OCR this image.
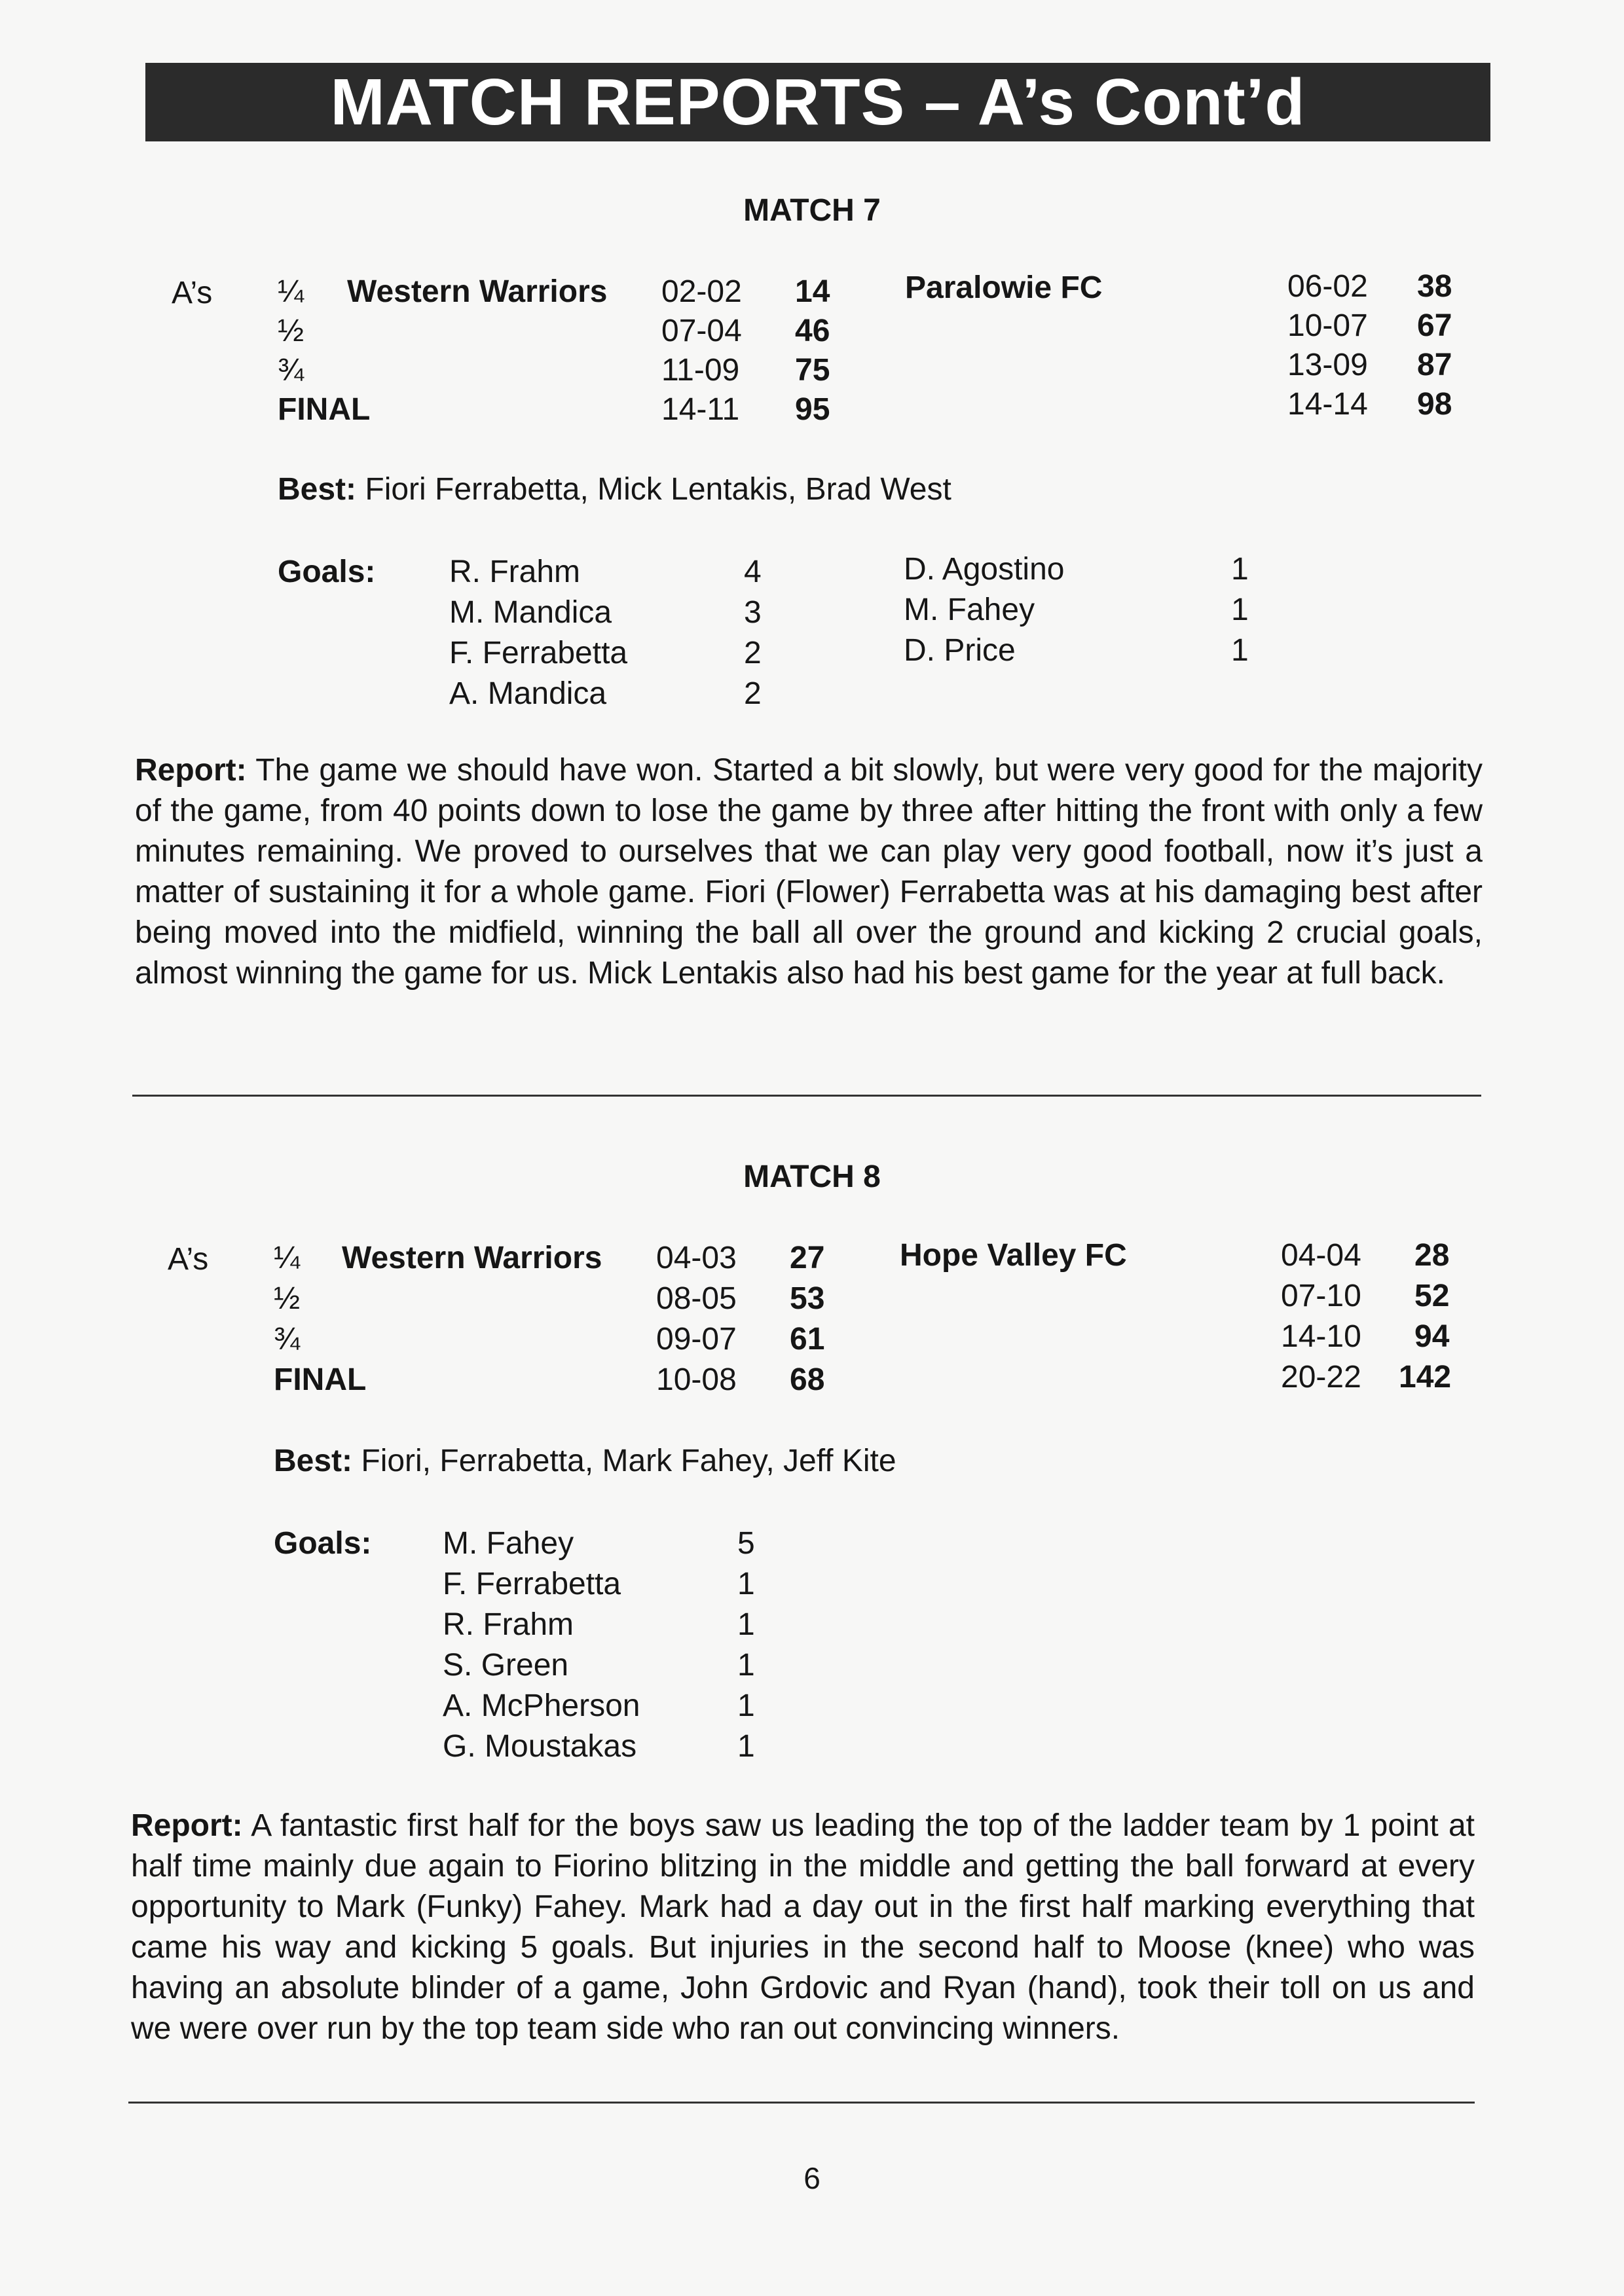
MATCH REPORTS – A’s Cont’d
MATCH 7
A’s	Western Warriors	Paralowie FC
¼	02-02 14	06-02 38
½	07-04 46	10-07 67
¾	11-09 75	13-09 87
FINAL	14-11 95	14-14 98
Best: Fiori Ferrabetta, Mick Lentakis, Brad West
Goals: R. Frahm	4
M. Mandica	3
F. Ferrabetta	2
A. Mandica	2
D. Agostino	1
M. Fahey	1
D. Price	1
Report: The game we should have won. Started a bit slowly, but were very good for the majority of the game, from 40 points down to lose the game by three after hitting the front with only a few minutes remaining. We proved to ourselves that we can play very good football, now it’s just a matter of sustaining it for a whole game. Fiori (Flower) Ferrabetta was at his damaging best after being moved into the midfield, winning the ball all over the ground and kicking 2 crucial goals, almost winning the game for us. Mick Lentakis also had his best game for the year at full back.
MATCH 8
A’s	Western Warriors	Hope Valley FC
¼	04-03 27	04-04 28
½	08-05 53	07-10 52
¾	09-07 61	14-10 94
FINAL	10-08 68	20-22 142
Best: Fiori, Ferrabetta, Mark Fahey, Jeff Kite
Goals: M. Fahey	5
F. Ferrabetta	1
R. Frahm	1
S. Green	1
A. McPherson	1
G. Moustakas	1
Report: A fantastic first half for the boys saw us leading the top of the ladder team by 1 point at half time mainly due again to Fiorino blitzing in the middle and getting the ball forward at every opportunity to Mark (Funky) Fahey. Mark had a day out in the first half marking everything that came his way and kicking 5 goals. But injuries in the second half to Moose (knee) who was having an absolute blinder of a game, John Grdovic and Ryan (hand), took their toll on us and we were over run by the top team side who ran out convincing winners.
6
